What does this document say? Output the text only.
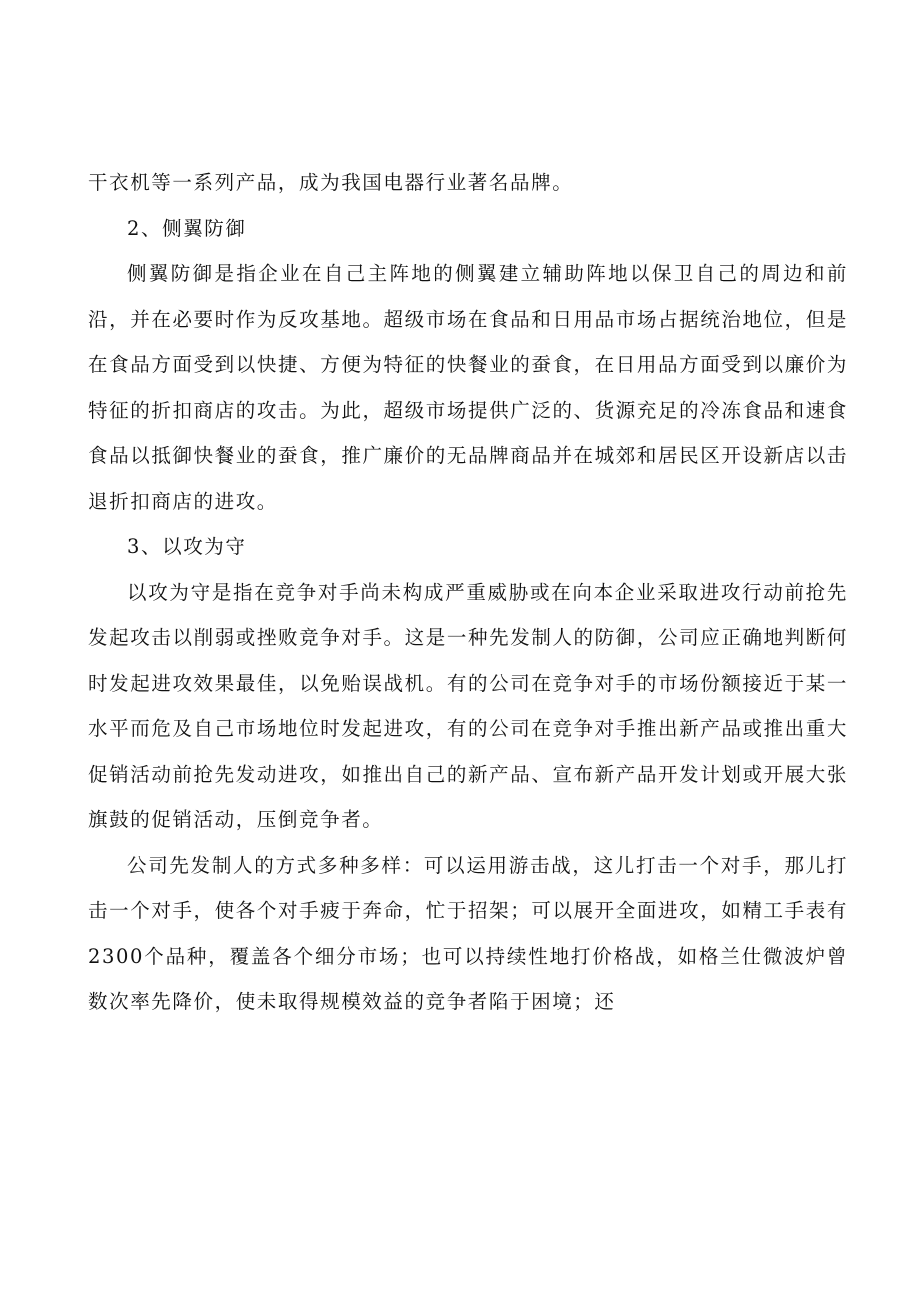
干衣机等一系列产品，成为我国电器行业著名品牌。

2、侧翼防御

侧翼防御是指企业在自己主阵地的侧翼建立辅助阵地以保卫自己的周边和前沿，并在必要时作为反攻基地。超级市场在食品和日用品市场占据统治地位，但是在食品方面受到以快捷、方便为特征的快餐业的蚕食，在日用品方面受到以廉价为特征的折扣商店的攻击。为此，超级市场提供广泛的、货源充足的冷冻食品和速食食品以抵御快餐业的蚕食，推广廉价的无品牌商品并在城郊和居民区开设新店以击退折扣商店的进攻。

3、以攻为守

以攻为守是指在竞争对手尚未构成严重威胁或在向本企业采取进攻行动前抢先发起攻击以削弱或挫败竞争对手。这是一种先发制人的防御，公司应正确地判断何时发起进攻效果最佳，以免贻误战机。有的公司在竞争对手的市场份额接近于某一水平而危及自己市场地位时发起进攻，有的公司在竞争对手推出新产品或推出重大促销活动前抢先发动进攻，如推出自己的新产品、宣布新产品开发计划或开展大张旗鼓的促销活动，压倒竞争者。

公司先发制人的方式多种多样：可以运用游击战，这儿打击一个对手，那儿打击一个对手，使各个对手疲于奔命，忙于招架；可以展开全面进攻，如精工手表有2300个品种，覆盖各个细分市场；也可以持续性地打价格战，如格兰仕微波炉曾数次率先降价，使未取得规模效益的竞争者陷于困境；还
